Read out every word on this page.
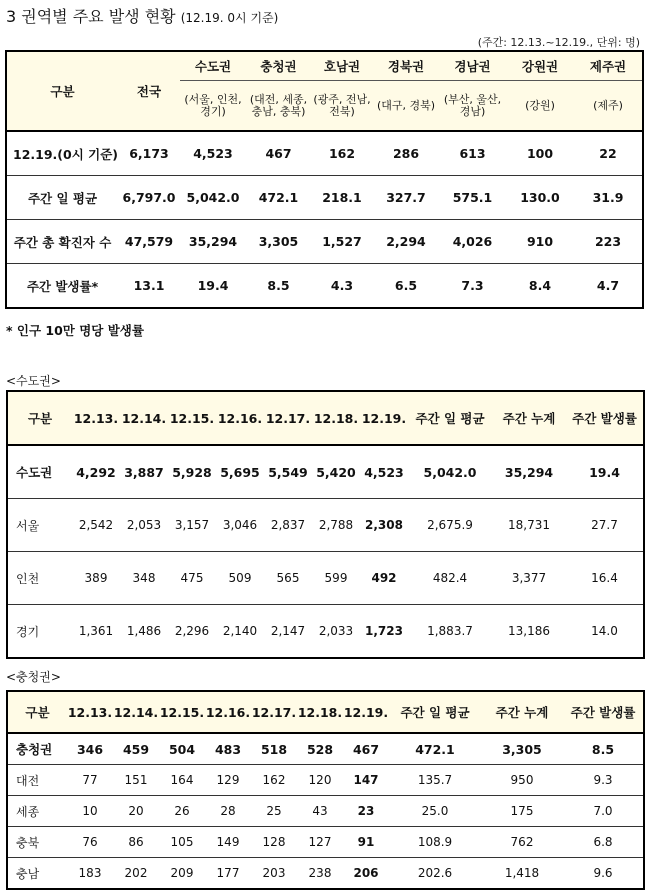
3 권역별 주요 발생 현황 (12.19. 0시 기준)
(주간: 12.13.~12.19., 단위: 명)
구분	전국	수도권	충청권	호남권	경북권	경남권	강원권	제주권
		(서울, 인천, 경기)	(대전, 세종, 충남, 충북)	(광주, 전남, 전북)	(대구, 경북)	(부산, 울산, 경남)	(강원)	(제주)
12.19.(0시 기준)	6,173	4,523	467	162	286	613	100	22
주간 일 평균	6,797.0	5,042.0	472.1	218.1	327.7	575.1	130.0	31.9
주간 총 확진자 수	47,579	35,294	3,305	1,527	2,294	4,026	910	223
주간 발생률*	13.1	19.4	8.5	4.3	6.5	7.3	8.4	4.7
* 인구 10만 명당 발생률
<수도권>
구분	12.13.	12.14.	12.15.	12.16.	12.17.	12.18.	12.19.	주간 일 평균	주간 누계	주간 발생률
수도권	4,292	3,887	5,928	5,695	5,549	5,420	4,523	5,042.0	35,294	19.4
서울	2,542	2,053	3,157	3,046	2,837	2,788	2,308	2,675.9	18,731	27.7
인천	389	348	475	509	565	599	492	482.4	3,377	16.4
경기	1,361	1,486	2,296	2,140	2,147	2,033	1,723	1,883.7	13,186	14.0
<충청권>
구분	12.13.	12.14.	12.15.	12.16.	12.17.	12.18.	12.19.	주간 일 평균	주간 누계	주간 발생률
충청권	346	459	504	483	518	528	467	472.1	3,305	8.5
대전	77	151	164	129	162	120	147	135.7	950	9.3
세종	10	20	26	28	25	43	23	25.0	175	7.0
충북	76	86	105	149	128	127	91	108.9	762	6.8
충남	183	202	209	177	203	238	206	202.6	1,418	9.6
